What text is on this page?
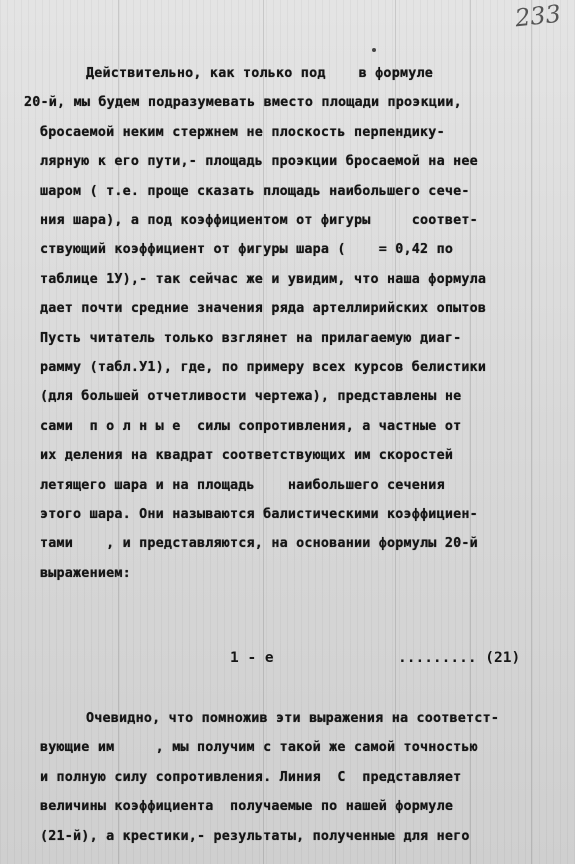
233
Действительно, как только под    в формуле
20-й, мы будем подразумевать вместо площади проэкции,
бросаемой неким стержнем не плоскость перпендику-
лярную к его пути,- площадь проэкции бросаемой на нее
шаром ( т.е. проще сказать площадь наибольшего сече-
ния шара), а под коэффициентом от фигуры     соответ-
ствующий коэффициент от фигуры шара (    = 0,42 по
таблице 1У),- так сейчас же и увидим, что наша формула
дает почти средние значения ряда артеллирийских опытов
Пусть читатель только взглянет на прилагаемую диаг-
рамму (табл.У1), где, по примеру всех курсов белистики
(для большей отчетливости чертежа), представлены не
сами  п о л н ы е  силы сопротивления, а частные от
их деления на квадрат соответствующих им скоростей
летящего шара и на площадь    наибольшего сечения
этого шара. Они называются балистическими коэффициен-
тами    , и представляются, на основании формулы 20-й
выражением:
1 - е	......... (21)
Очевидно, что помножив эти выражения на соответст-
вующие им     , мы получим с такой же самой точностью
и полную силу сопротивления. Линия  С  представляет
величины коэффициента  получаемые по нашей формуле
(21-й), а крестики,- результаты, полученные для него
